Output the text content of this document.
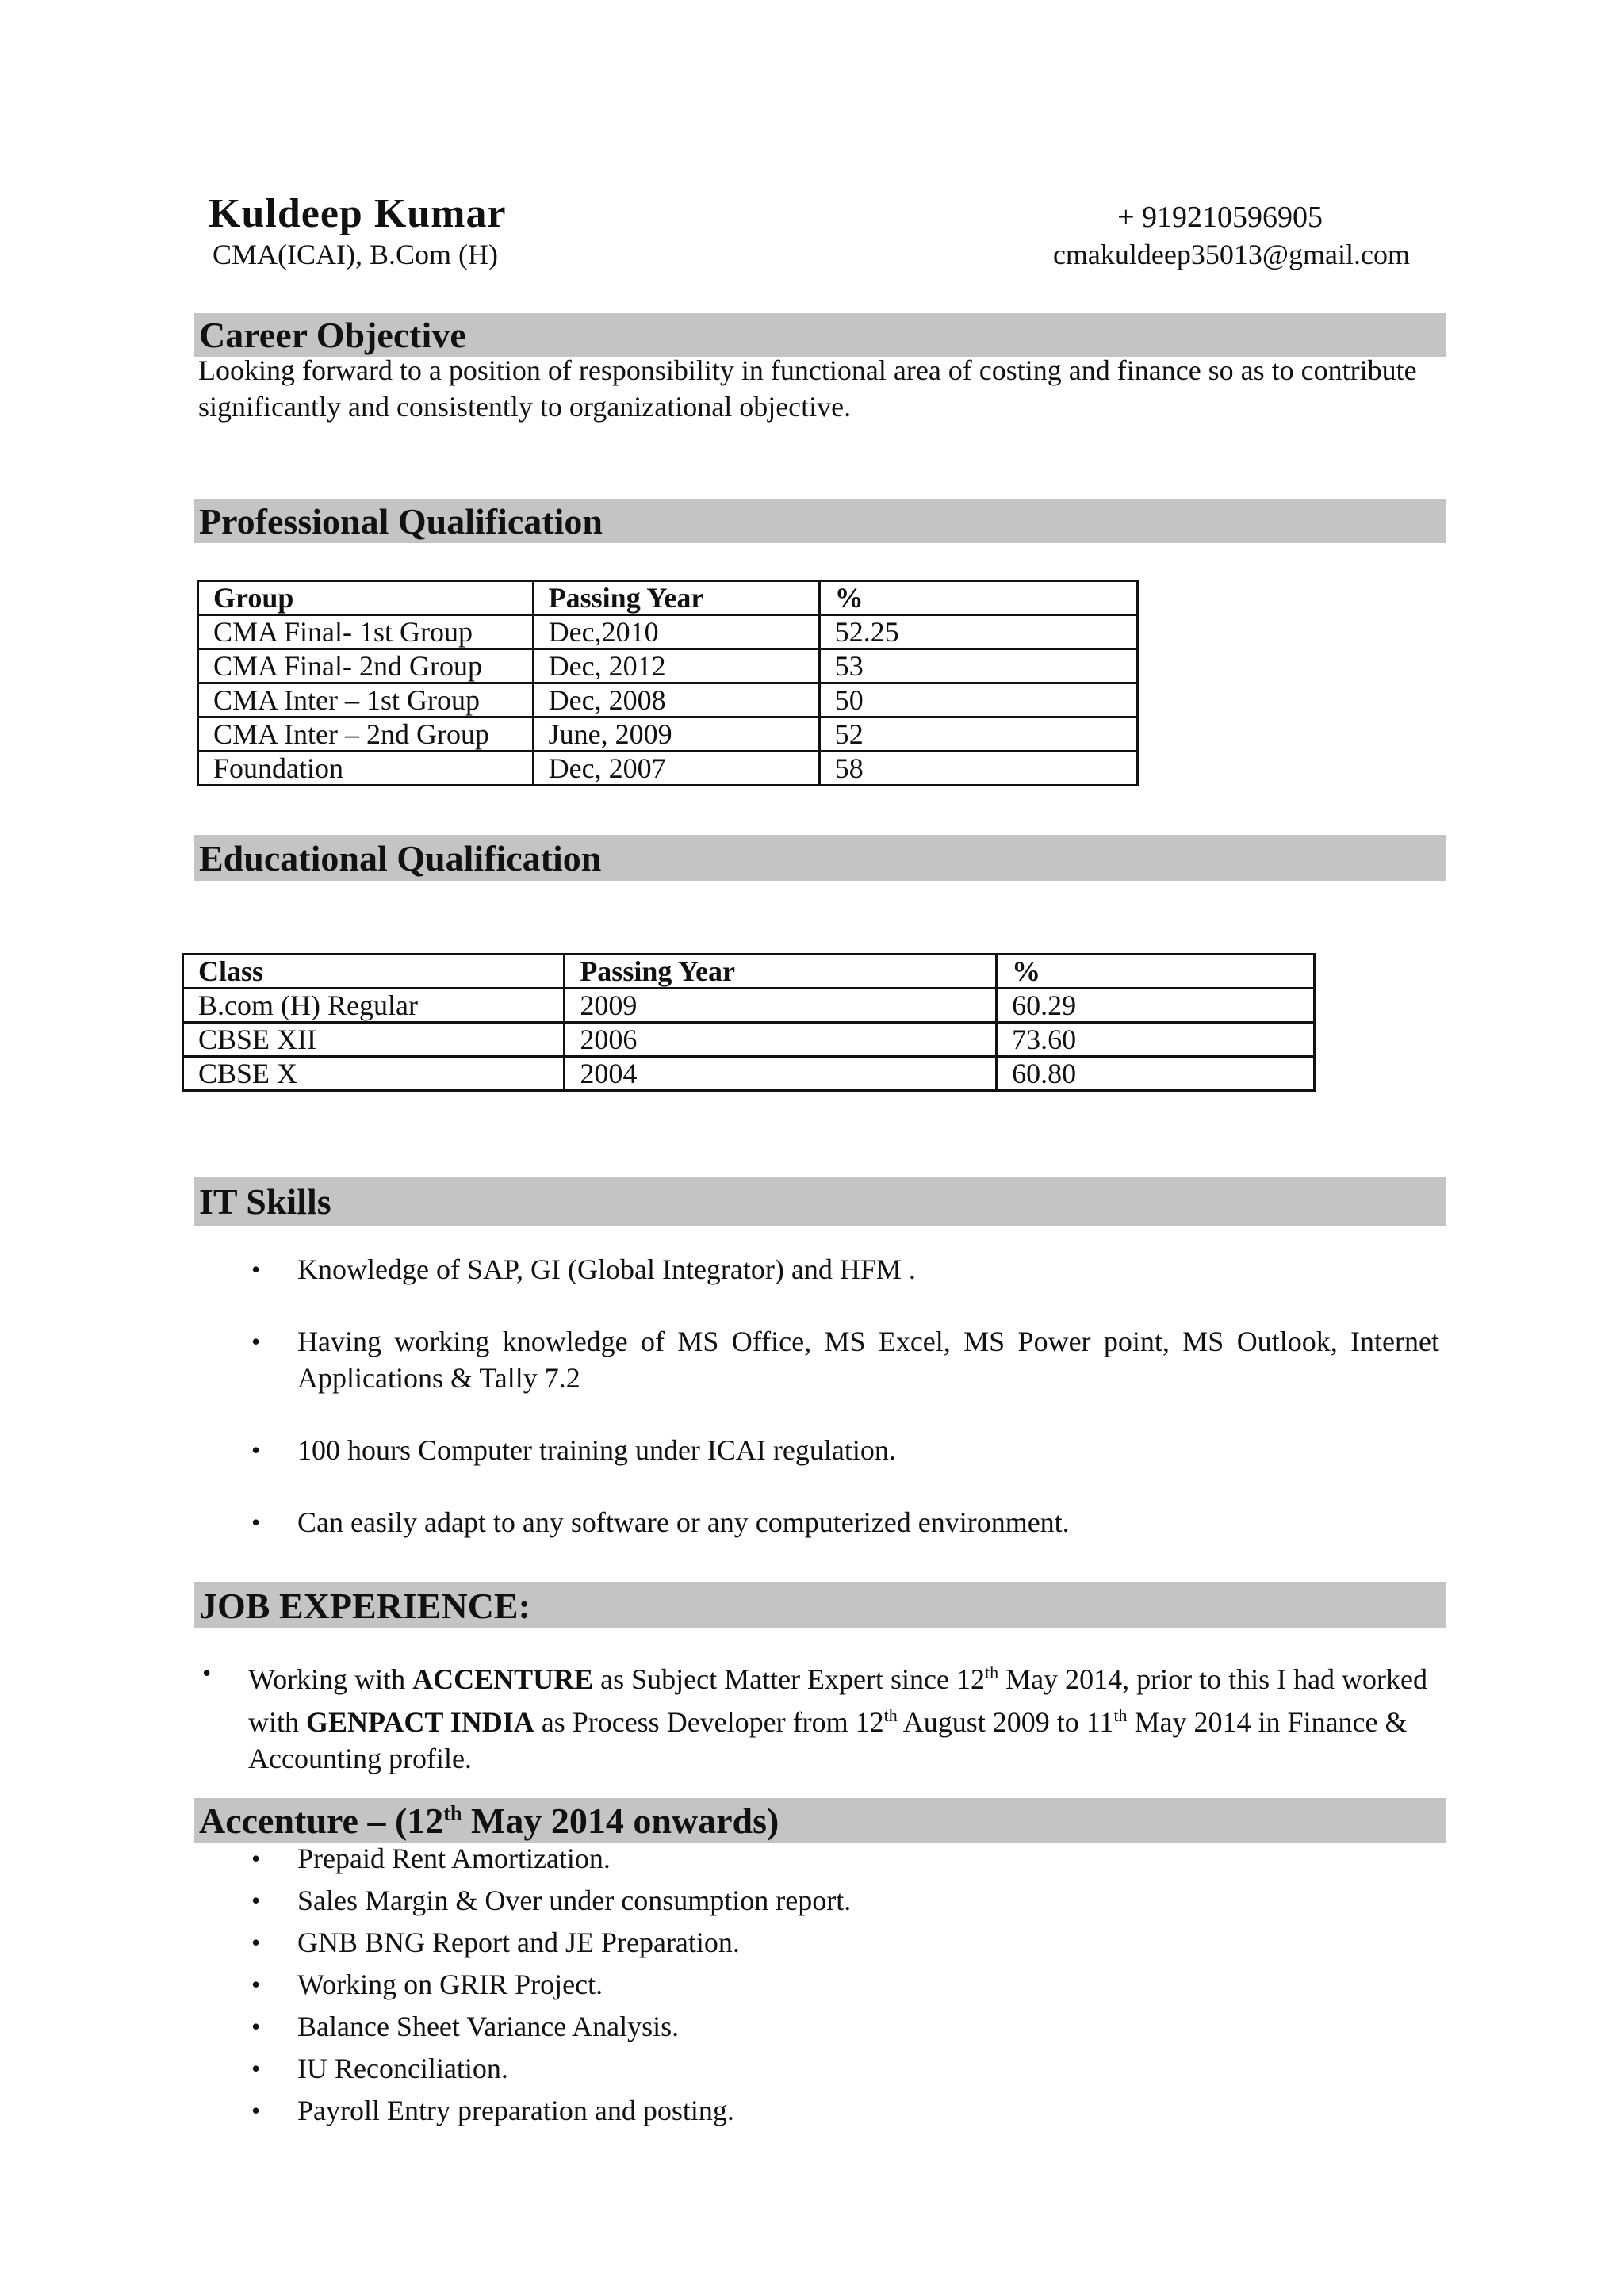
Kuldeep Kumar
CMA(ICAI), B.Com (H)
+ 919210596905
cmakuldeep35013@gmail.com
Career Objective
Looking forward to a position of responsibility in functional area of costing and finance so as to contribute significantly and consistently to organizational objective.
Professional Qualification
Group	Passing Year	%
CMA Final- 1st Group	Dec,2010	52.25
CMA Final- 2nd Group	Dec, 2012	53
CMA Inter – 1st Group	Dec, 2008	50
CMA Inter – 2nd Group	June, 2009	52
Foundation	Dec, 2007	58
Educational Qualification
Class	Passing Year	%
B.com (H) Regular	2009	60.29
CBSE XII	2006	73.60
CBSE X	2004	60.80
IT Skills
• Knowledge of SAP, GI (Global Integrator) and HFM .
• Having working knowledge of MS Office, MS Excel, MS Power point, MS Outlook, Internet Applications & Tally 7.2
• 100 hours Computer training under ICAI regulation.
• Can easily adapt to any software or any computerized environment.
JOB EXPERIENCE:
• Working with ACCENTURE as Subject Matter Expert since 12th May 2014, prior to this I had worked with GENPACT INDIA as Process Developer from 12th August 2009 to 11th May 2014 in Finance & Accounting profile.
Accenture – (12th May 2014 onwards)
• Prepaid Rent Amortization.
• Sales Margin & Over under consumption report.
• GNB BNG Report and JE Preparation.
• Working on GRIR Project.
• Balance Sheet Variance Analysis.
• IU Reconciliation.
• Payroll Entry preparation and posting.
